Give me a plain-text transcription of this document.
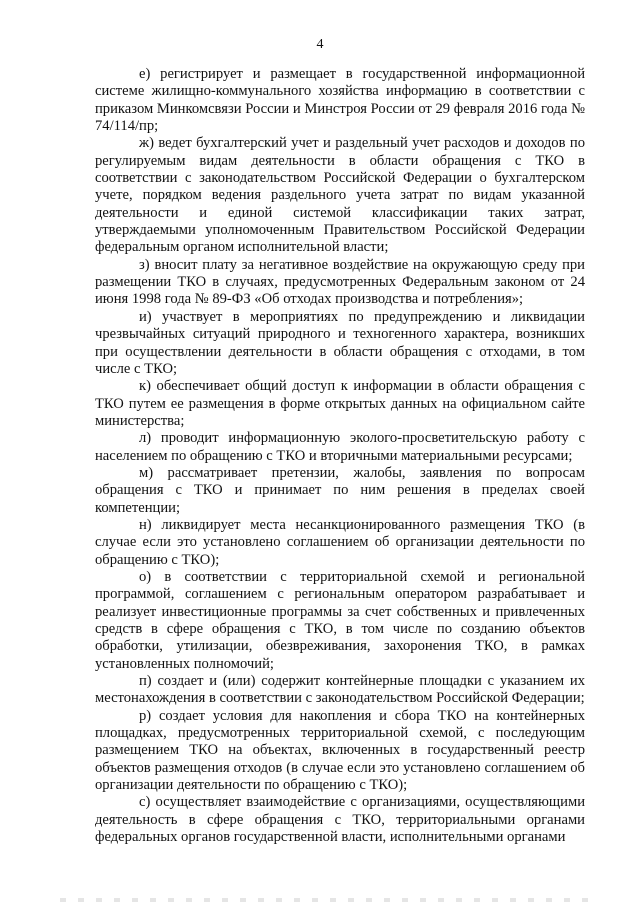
4

е) регистрирует и размещает в государственной информационной системе жилищно-коммунального хозяйства информацию в соответствии с приказом Минкомсвязи России и Минстроя России от 29 февраля 2016 года № 74/114/пр;

ж) ведет бухгалтерский учет и раздельный учет расходов и доходов по регулируемым видам деятельности в области обращения с ТКО в соответствии с законодательством Российской Федерации о бухгалтерском учете, порядком ведения раздельного учета затрат по видам указанной деятельности и единой системой классификации таких затрат, утверждаемыми уполномоченным Правительством Российской Федерации федеральным органом исполнительной власти;

з) вносит плату за негативное воздействие на окружающую среду при размещении ТКО в случаях, предусмотренных Федеральным законом от 24 июня 1998 года № 89-ФЗ «Об отходах производства и потребления»;

и) участвует в мероприятиях по предупреждению и ликвидации чрезвычайных ситуаций природного и техногенного характера, возникших при осуществлении деятельности в области обращения с отходами, в том числе с ТКО;

к) обеспечивает общий доступ к информации в области обращения с ТКО путем ее размещения в форме открытых данных на официальном сайте министерства;

л) проводит информационную эколого-просветительскую работу с населением по обращению с ТКО и вторичными материальными ресурсами;

м) рассматривает претензии, жалобы, заявления по вопросам обращения с ТКО и принимает по ним решения в пределах своей компетенции;

н) ликвидирует места несанкционированного размещения ТКО (в случае если это установлено соглашением об организации деятельности по обращению с ТКО);

о) в соответствии с территориальной схемой и региональной программой, соглашением с региональным оператором разрабатывает и реализует инвестиционные программы за счет собственных и привлеченных средств в сфере обращения с ТКО, в том числе по созданию объектов обработки, утилизации, обезвреживания, захоронения ТКО, в рамках установленных полномочий;

п) создает и (или) содержит контейнерные площадки с указанием их местонахождения в соответствии с законодательством Российской Федерации;

р) создает условия для накопления и сбора ТКО на контейнерных площадках, предусмотренных территориальной схемой, с последующим размещением ТКО на объектах, включенных в государственный реестр объектов размещения отходов (в случае если это установлено соглашением об организации деятельности по обращению с ТКО);

с) осуществляет взаимодействие с организациями, осуществляющими деятельность в сфере обращения с ТКО, территориальными органами федеральных органов государственной власти, исполнительными органами
